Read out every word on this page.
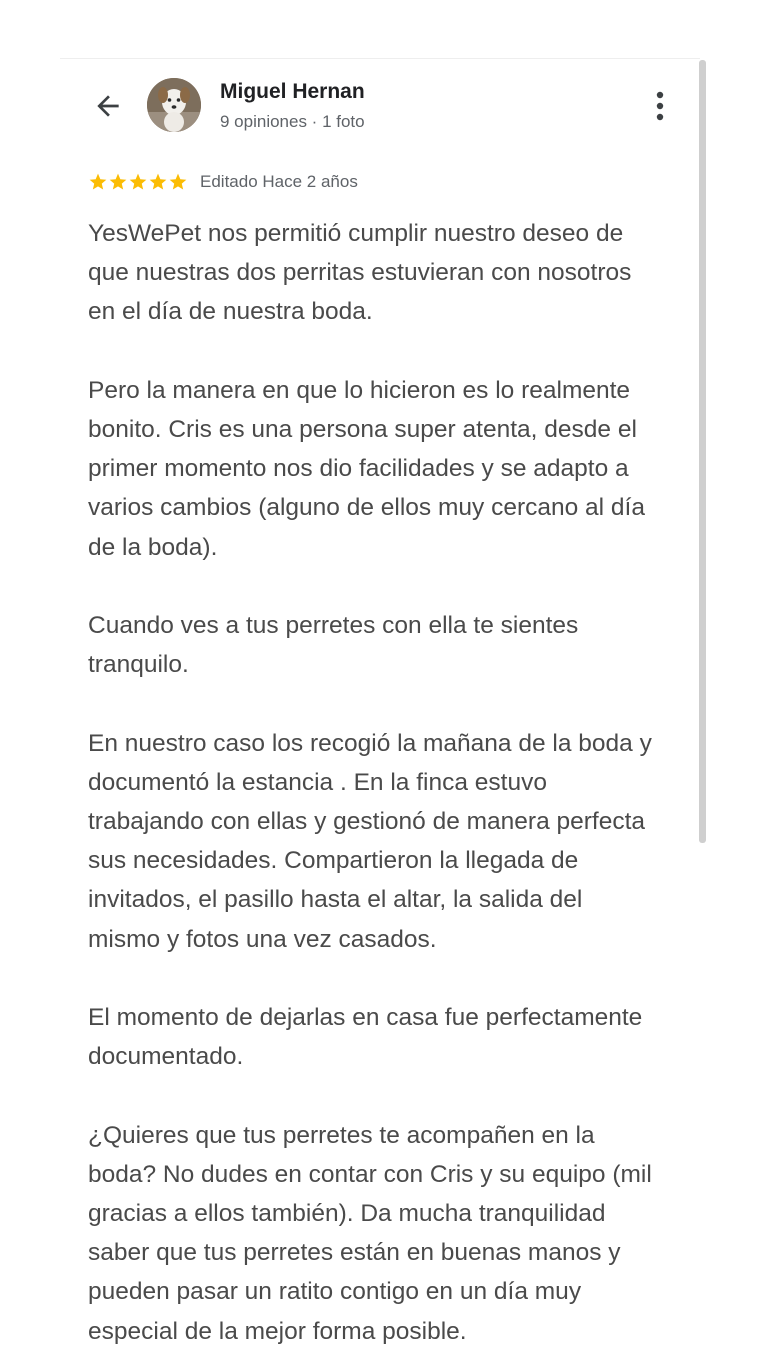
Miguel Hernan
9 opiniones · 1 foto
Editado Hace 2 años
YesWePet nos permitió cumplir nuestro deseo de
que nuestras dos perritas estuvieran con nosotros
en el día de nuestra boda.
Pero la manera en que lo hicieron es lo realmente
bonito. Cris es una persona super atenta, desde el
primer momento nos dio facilidades y se adapto a
varios cambios (alguno de ellos muy cercano al día
de la boda).
Cuando ves a tus perretes con ella te sientes
tranquilo.
En nuestro caso los recogió la mañana de la boda y
documentó la estancia . En la finca estuvo
trabajando con ellas y gestionó de manera perfecta
sus necesidades. Compartieron la llegada de
invitados, el pasillo hasta el altar, la salida del
mismo y fotos una vez casados.
El momento de dejarlas en casa fue perfectamente
documentado.
¿Quieres que tus perretes te acompañen en la
boda? No dudes en contar con Cris y su equipo (mil
gracias a ellos también). Da mucha tranquilidad
saber que tus perretes están en buenas manos y
pueden pasar un ratito contigo en un día muy
especial de la mejor forma posible.
